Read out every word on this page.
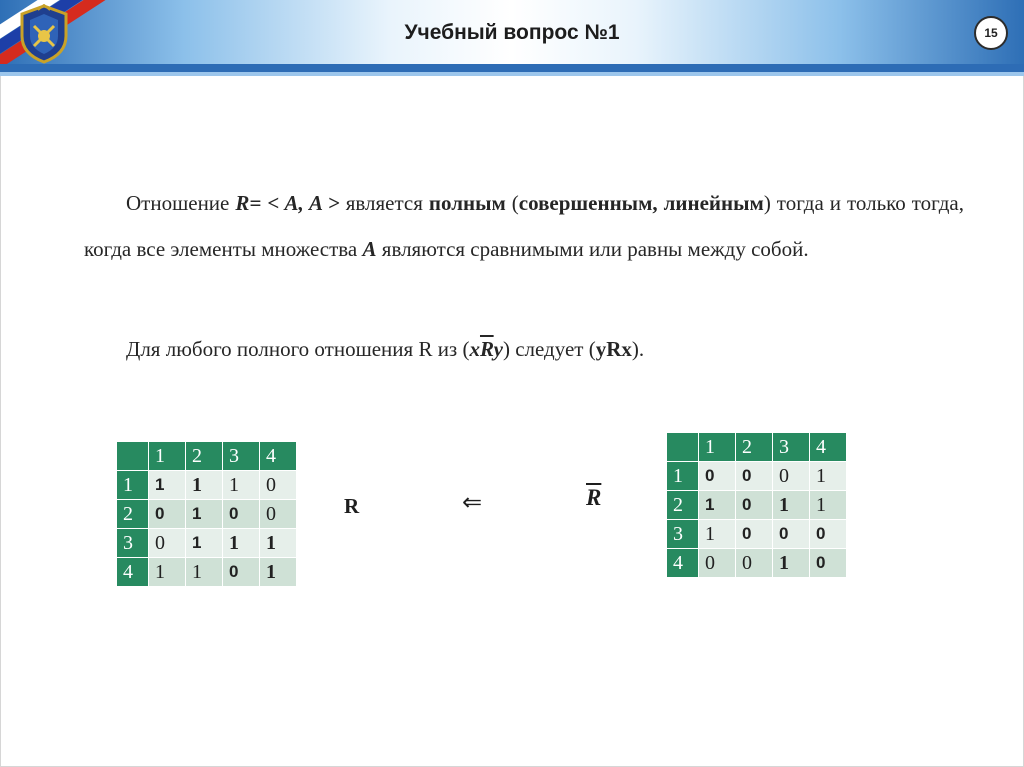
Учебный вопрос №1	15
Отношение R= < A, A > является полным (совершенным, линейным) тогда и только тогда, когда все элементы множества A являются сравнимыми или равны между собой.
Для любого полного отношения R из $(x\overline{R}y)$ следует (yRx).
	1	2	3	4
1	1	1	1	0
2	0	1	0	0
3	0	1	1	1
4	1	1	0	1
R	⇐	$\overline{R}$
	1	2	3	4
1	0	0	0	1
2	1	0	1	1
3	1	0	0	0
4	0	0	1	0
